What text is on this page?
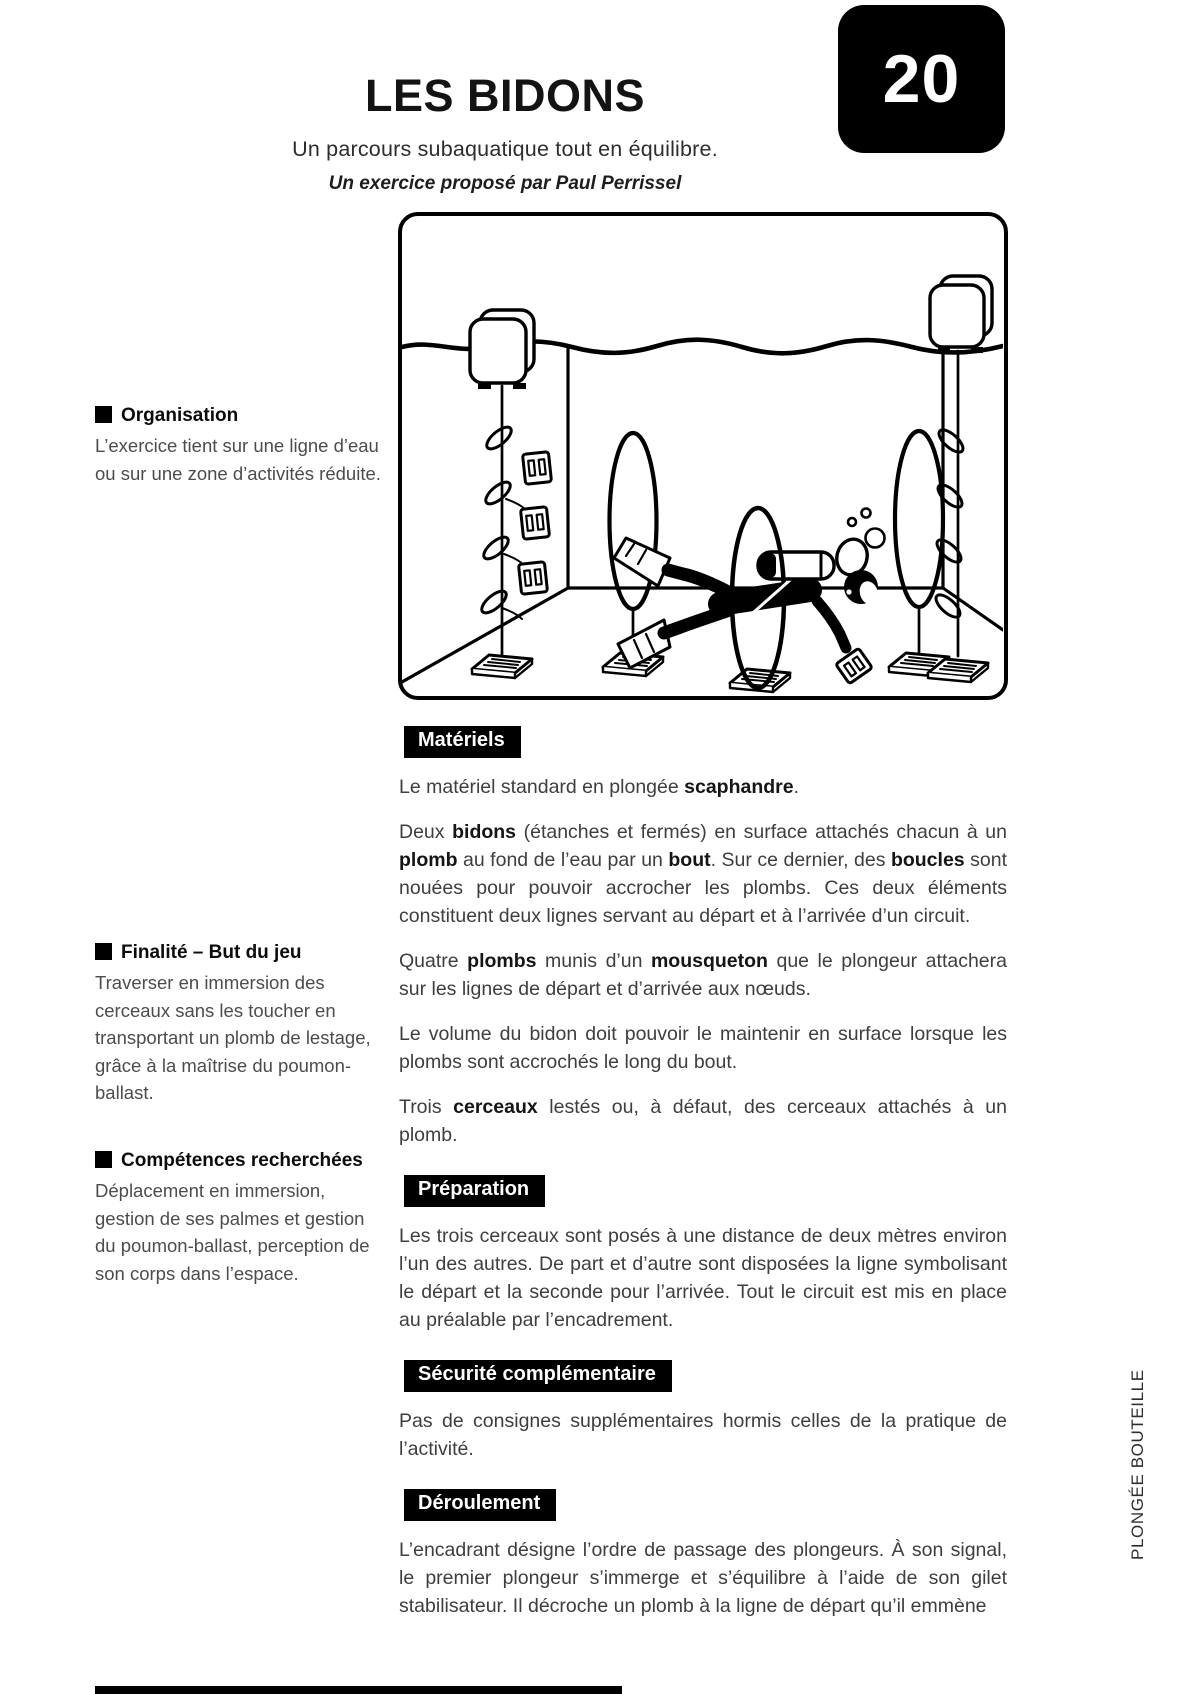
20
LES BIDONS
Un parcours subaquatique tout en équilibre.
Un exercice proposé par Paul Perrissel
Organisation
L’exercice tient sur une ligne d’eau ou sur une zone d’activités réduite.
Finalité – But du jeu
Traverser en immersion des cerceaux sans les toucher en transportant un plomb de lestage, grâce à la maîtrise du poumon-ballast.
Compétences recherchées
Déplacement en immersion, gestion de ses palmes et gestion du poumon-ballast, perception de son corps dans l’espace.
Matériels

Le matériel standard en plongée scaphandre.

Deux bidons (étanches et fermés) en surface attachés chacun à un plomb au fond de l’eau par un bout. Sur ce dernier, des boucles sont nouées pour pouvoir accrocher les plombs. Ces deux éléments constituent deux lignes servant au départ et à l’arrivée d’un circuit.

Quatre plombs munis d’un mousqueton que le plongeur attachera sur les lignes de départ et d’arrivée aux nœuds.

Le volume du bidon doit pouvoir le maintenir en surface lorsque les plombs sont accrochés le long du bout.

Trois cerceaux lestés ou, à défaut, des cerceaux attachés à un plomb.

Préparation

Les trois cerceaux sont posés à une distance de deux mètres environ l’un des autres. De part et d’autre sont disposées la ligne symbolisant le départ et la seconde pour l’arrivée. Tout le circuit est mis en place au préalable par l’encadrement.

Sécurité complémentaire

Pas de consignes supplémentaires hormis celles de la pratique de l’activité.

Déroulement

L’encadrant désigne l’ordre de passage des plongeurs. À son signal, le premier plongeur s’immerge et s’équilibre à l’aide de son gilet stabilisateur. Il décroche un plomb à la ligne de départ qu’il emmène

PLONGÉE BOUTEILLE
